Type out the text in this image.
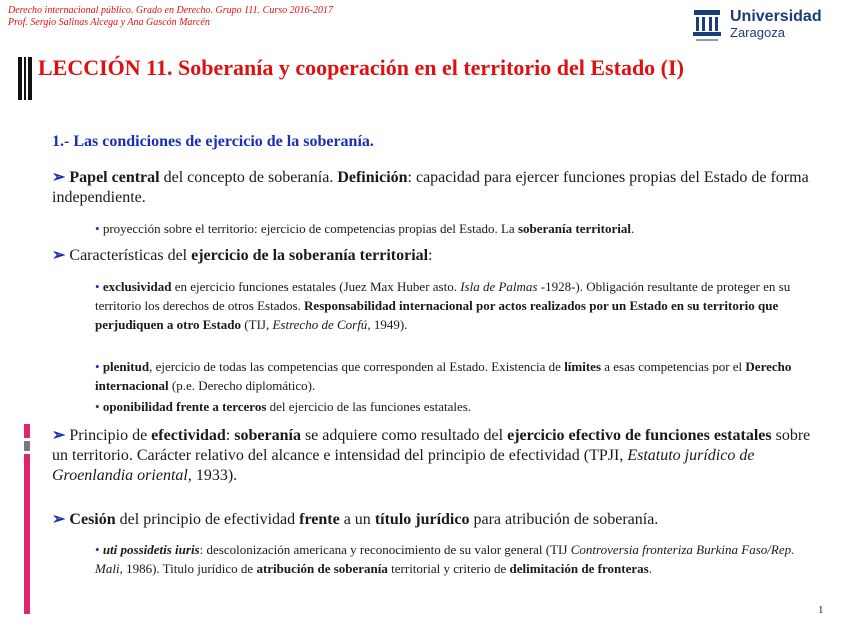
Derecho internacional público. Grado en Derecho. Grupo 111. Curso 2016-2017
Prof. Sergio Salinas Alcega y Ana Gascón Marcén	Universidad
Zaragoza
LECCIÓN 11. Soberanía y cooperación en el territorio del Estado (I)
1.- Las condiciones de ejercicio de la soberanía.
➢ Papel central del concepto de soberanía. Definición: capacidad para ejercer funciones propias del Estado de forma independiente.
• proyección sobre el territorio: ejercicio de competencias propias del Estado. La soberanía territorial.
➢ Características del ejercicio de la soberanía territorial:
• exclusividad en ejercicio funciones estatales (Juez Max Huber asto. Isla de Palmas -1928-). Obligación resultante de proteger en su territorio los derechos de otros Estados. Responsabilidad internacional por actos realizados por un Estado en su territorio que perjudiquen a otro Estado (TIJ, Estrecho de Corfú, 1949).
• plenitud, ejercicio de todas las competencias que corresponden al Estado. Existencia de límites a esas competencias por el Derecho internacional (p.e. Derecho diplomático).
• oponibilidad frente a terceros del ejercicio de las funciones estatales.
➢ Principio de efectividad: soberanía se adquiere como resultado del ejercicio efectivo de funciones estatales sobre un territorio. Carácter relativo del alcance e intensidad del principio de efectividad (TPJI, Estatuto jurídico de Groenlandia oriental, 1933).
➢ Cesión del principio de efectividad frente a un título jurídico para atribución de soberanía.
• uti possidetis iuris: descolonización americana y reconocimiento de su valor general (TIJ Controversia fronteriza Burkina Faso/Rep. Mali, 1986). Titulo jurídico de atribución de soberanía territorial y criterio de delimitación de fronteras.
1
